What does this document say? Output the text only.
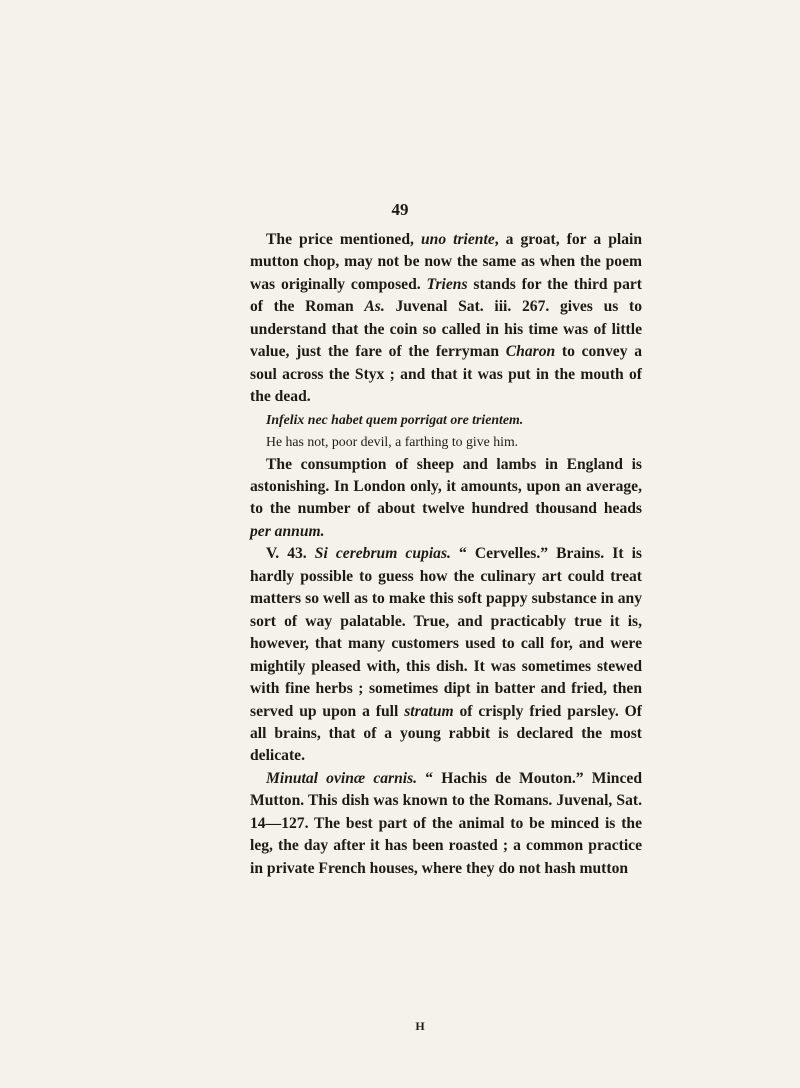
49

The price mentioned, uno triente, a groat, for a plain mutton chop, may not be now the same as when the poem was originally composed. Triens stands for the third part of the Roman As. Juvenal Sat. iii. 267. gives us to understand that the coin so called in his time was of little value, just the fare of the ferryman Charon to convey a soul across the Styx ; and that it was put in the mouth of the dead.

Infelix nec habet quem porrigat ore trientem.
He has not, poor devil, a farthing to give him.

The consumption of sheep and lambs in England is astonishing. In London only, it amounts, upon an average, to the number of about twelve hundred thousand heads per annum.

V. 43. Si cerebrum cupias. “ Cervelles.” Brains. It is hardly possible to guess how the culinary art could treat matters so well as to make this soft pappy substance in any sort of way palatable. True, and practicably true it is, however, that many customers used to call for, and were mightily pleased with, this dish. It was sometimes stewed with fine herbs ; sometimes dipt in batter and fried, then served up upon a full stratum of crisply fried parsley. Of all brains, that of a young rabbit is declared the most delicate.

Minutal ovinæ carnis. “ Hachis de Mouton.” Minced Mutton. This dish was known to the Romans. Juvenal, Sat. 14—127. The best part of the animal to be minced is the leg, the day after it has been roasted ; a common practice in private French houses, where they do not hash mutton

H
